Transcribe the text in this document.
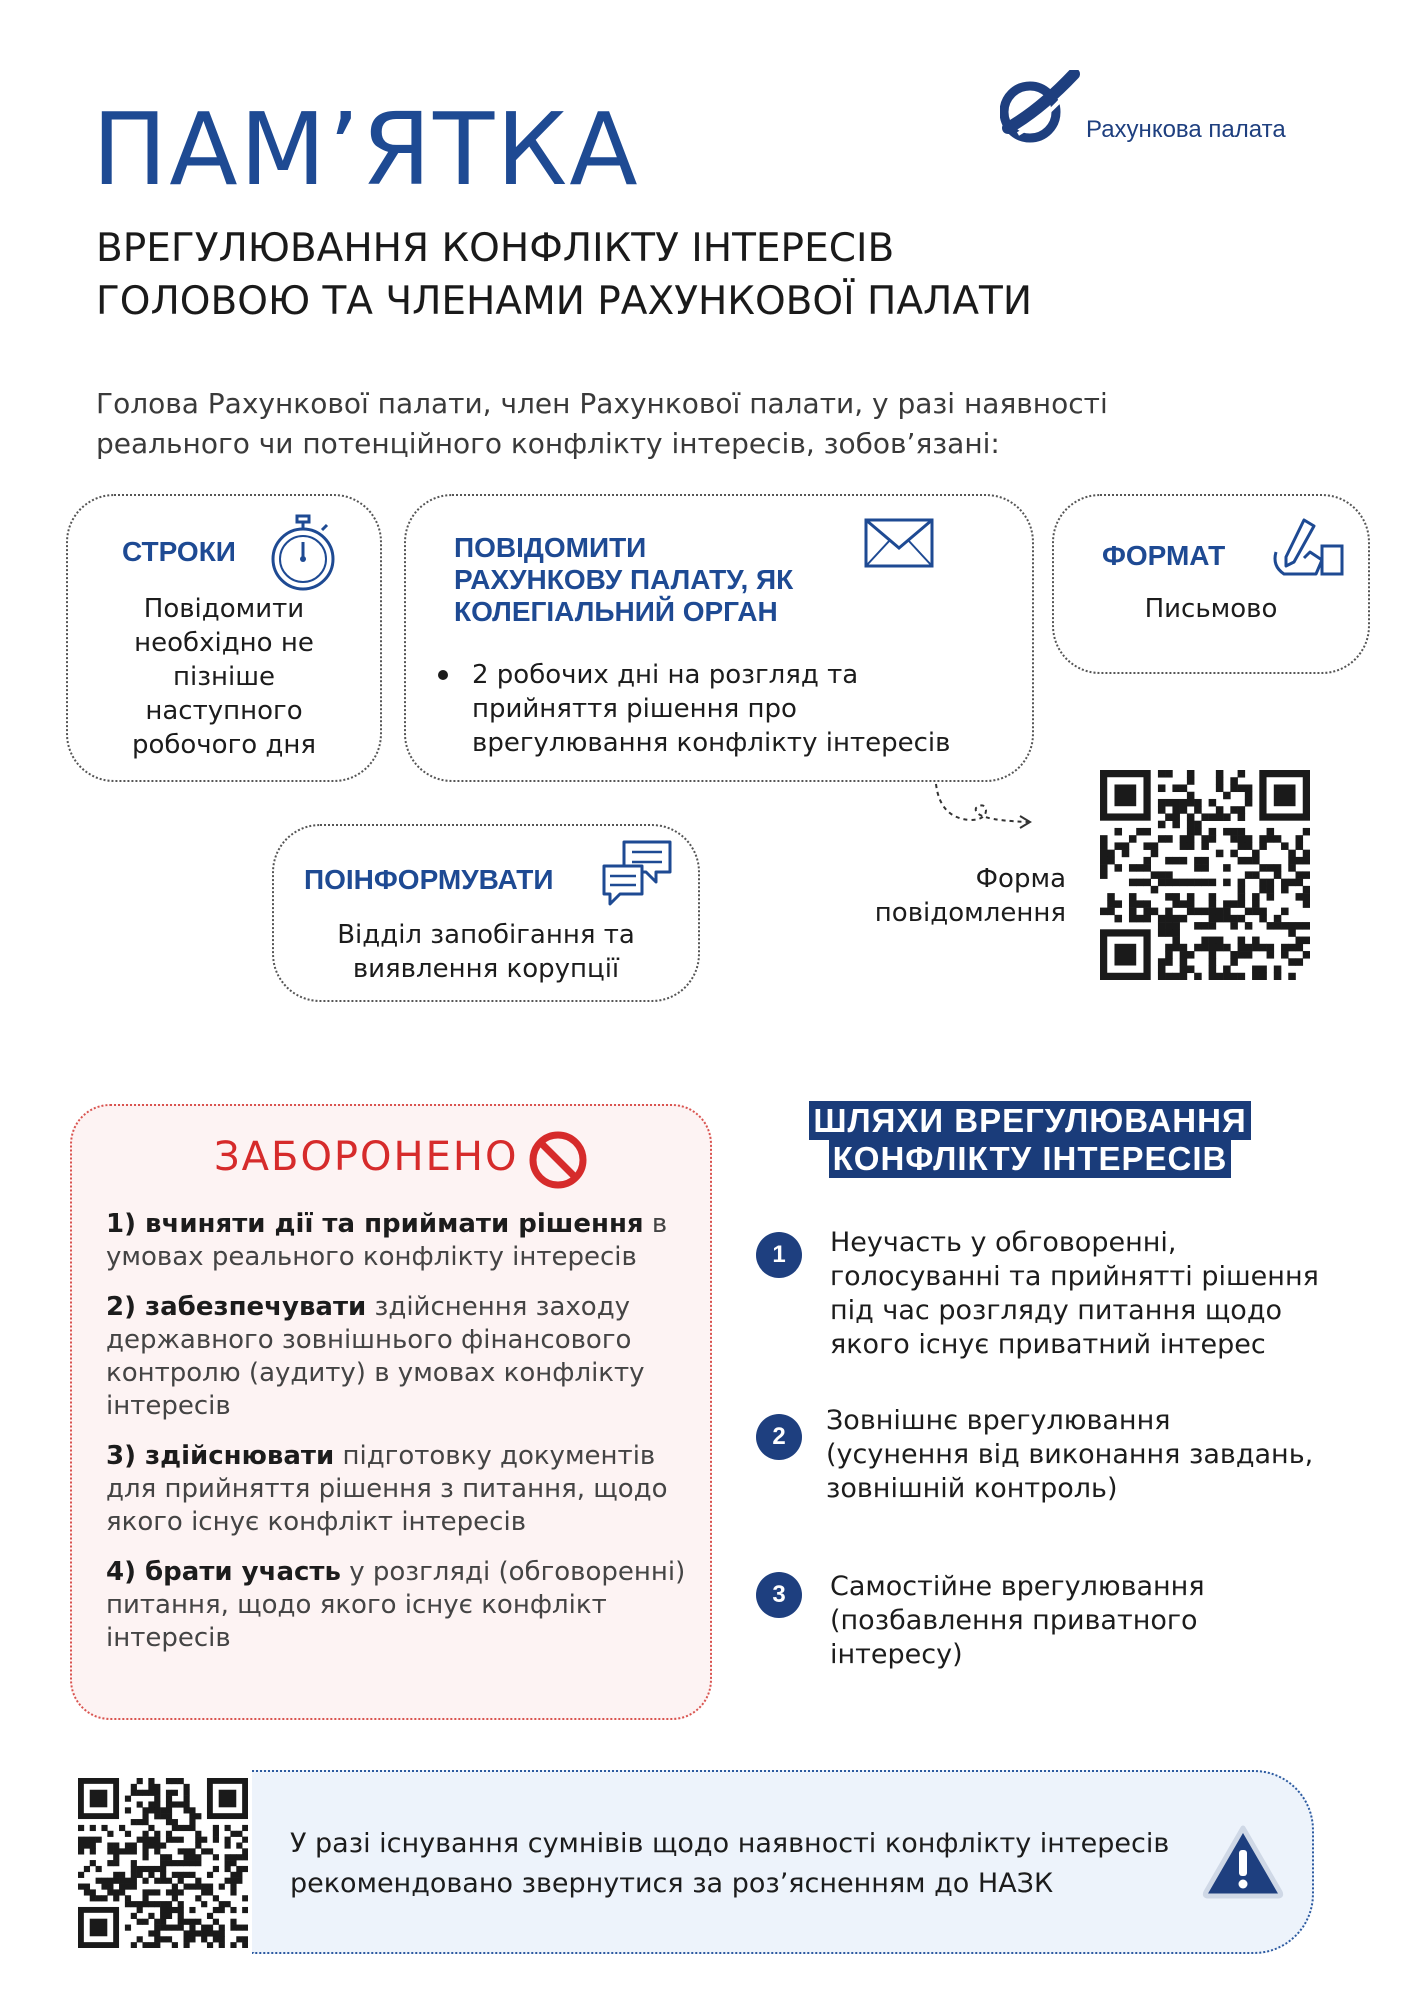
Рахункова палата
ПАМ’ЯТКА
ВРЕГУЛЮВАННЯ КОНФЛІКТУ ІНТЕРЕСІВ
ГОЛОВОЮ ТА ЧЛЕНАМИ РАХУНКОВОЇ ПАЛАТИ
Голова Рахункової палати, член Рахункової палати, у разі наявності
реального чи потенційного конфлікту інтересів, зобов’язані:
СТРОКИ
Повідомити
необхідно не
пізніше
наступного
робочого дня
ПОВІДОМИТИ
РАХУНКОВУ ПАЛАТУ, ЯК
КОЛЕГІАЛЬНИЙ ОРГАН
2 робочих дні на розгляд та
прийняття рішення про
врегулювання конфлікту інтересів
ФОРМАТ
Письмово
ПОІНФОРМУВАТИ
Відділ запобігання та
виявлення корупції
Форма
повідомлення
ЗАБОРОНЕНО
1) вчиняти дії та приймати рішення в умовах реального конфлікту інтересів
2) забезпечувати здійснення заходу державного зовнішнього фінансового контролю (аудиту) в умовах конфлікту інтересів
3) здійснювати підготовку документів для прийняття рішення з питання, щодо якого існує конфлікт інтересів
4) брати участь у розгляді (обговоренні) питання, щодо якого існує конфлікт інтересів
ШЛЯХИ ВРЕГУЛЮВАННЯ
КОНФЛІКТУ ІНТЕРЕСІВ
1	Неучасть у обговоренні,
голосуванні та прийнятті рішення
під час розгляду питання щодо
якого існує приватний інтерес
2
Зовнішнє врегулювання
(усунення від виконання завдань,
зовнішній контроль)
3	Самостійне врегулювання
(позбавлення приватного
інтересу)
У разі існування сумнівів щодо наявності конфлікту інтересів
рекомендовано звернутися за роз’ясненням до НАЗК
